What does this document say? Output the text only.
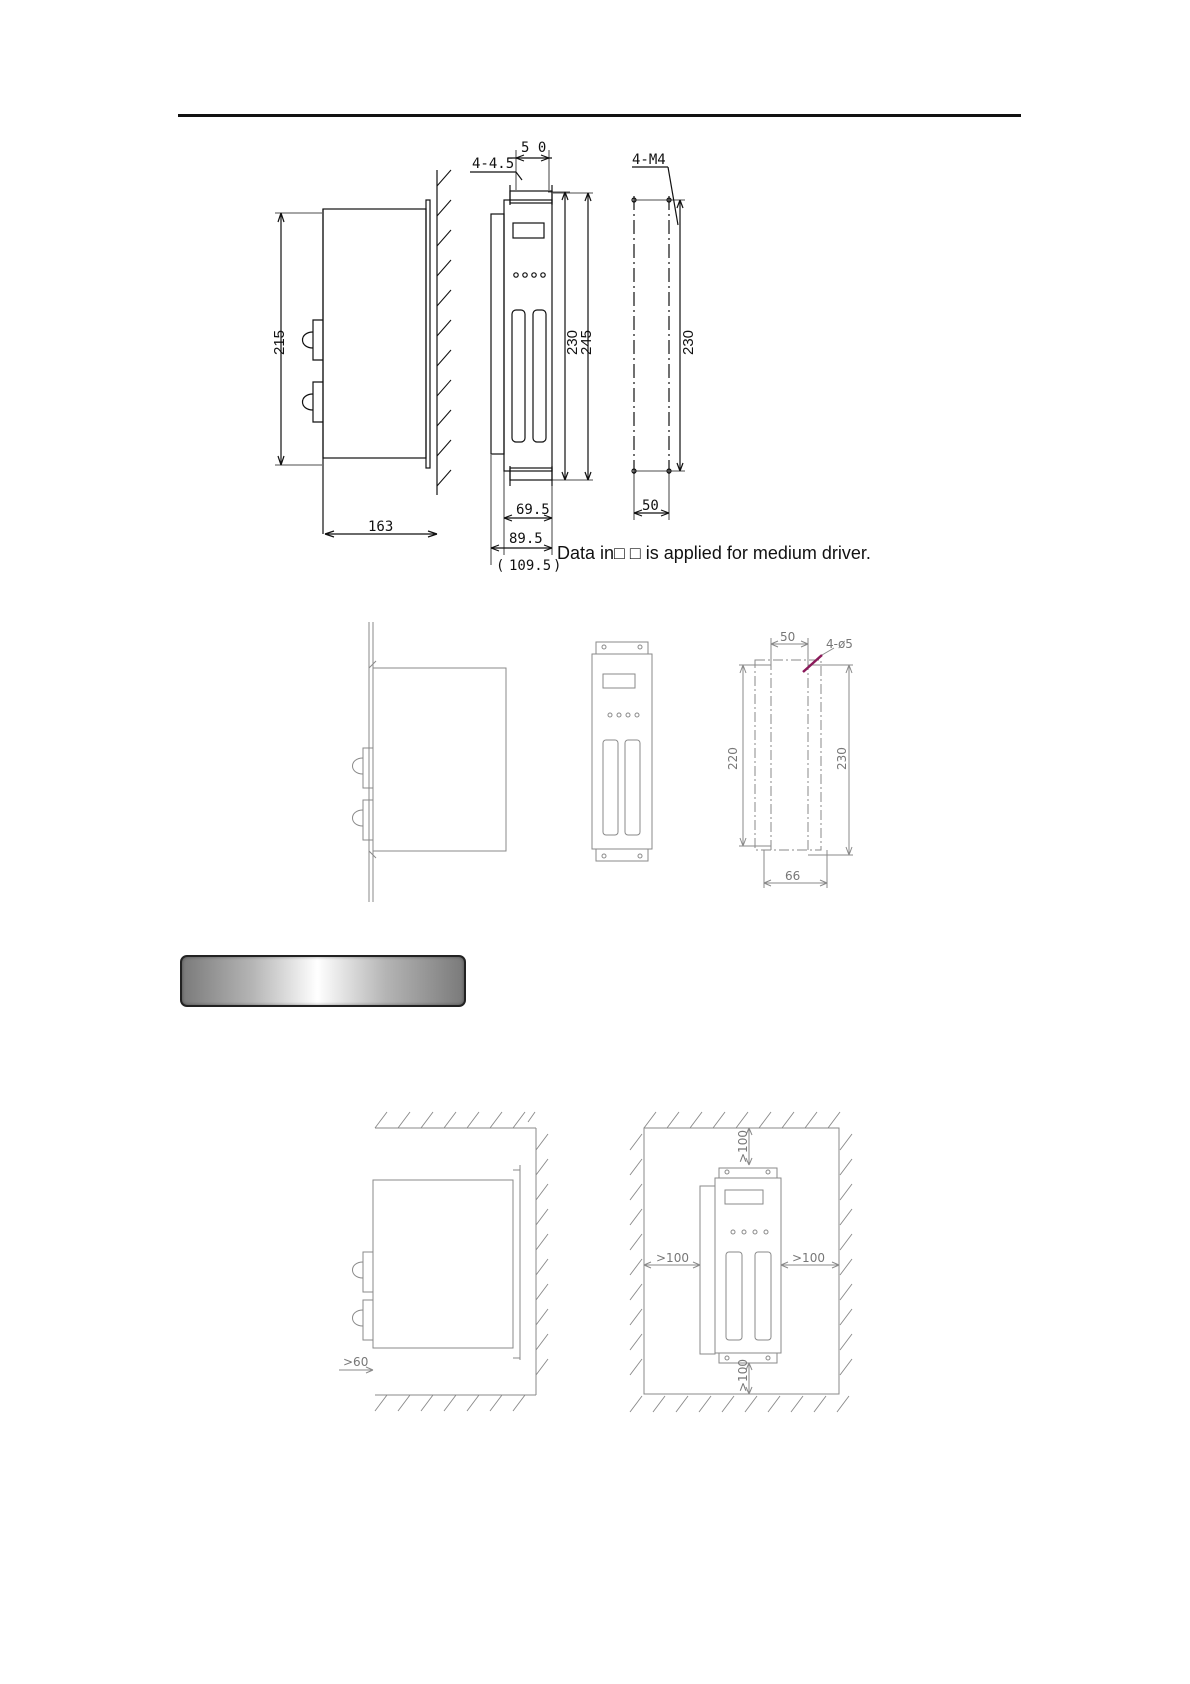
5 0
4-4.5	4-M4
215	230
245	230
163
69.5
89.5
( 109.5 )
50
Data in□ □ is applied for medium driver.
50	4-ø5
220	230
66
>60
>100
>100	>100
>100
